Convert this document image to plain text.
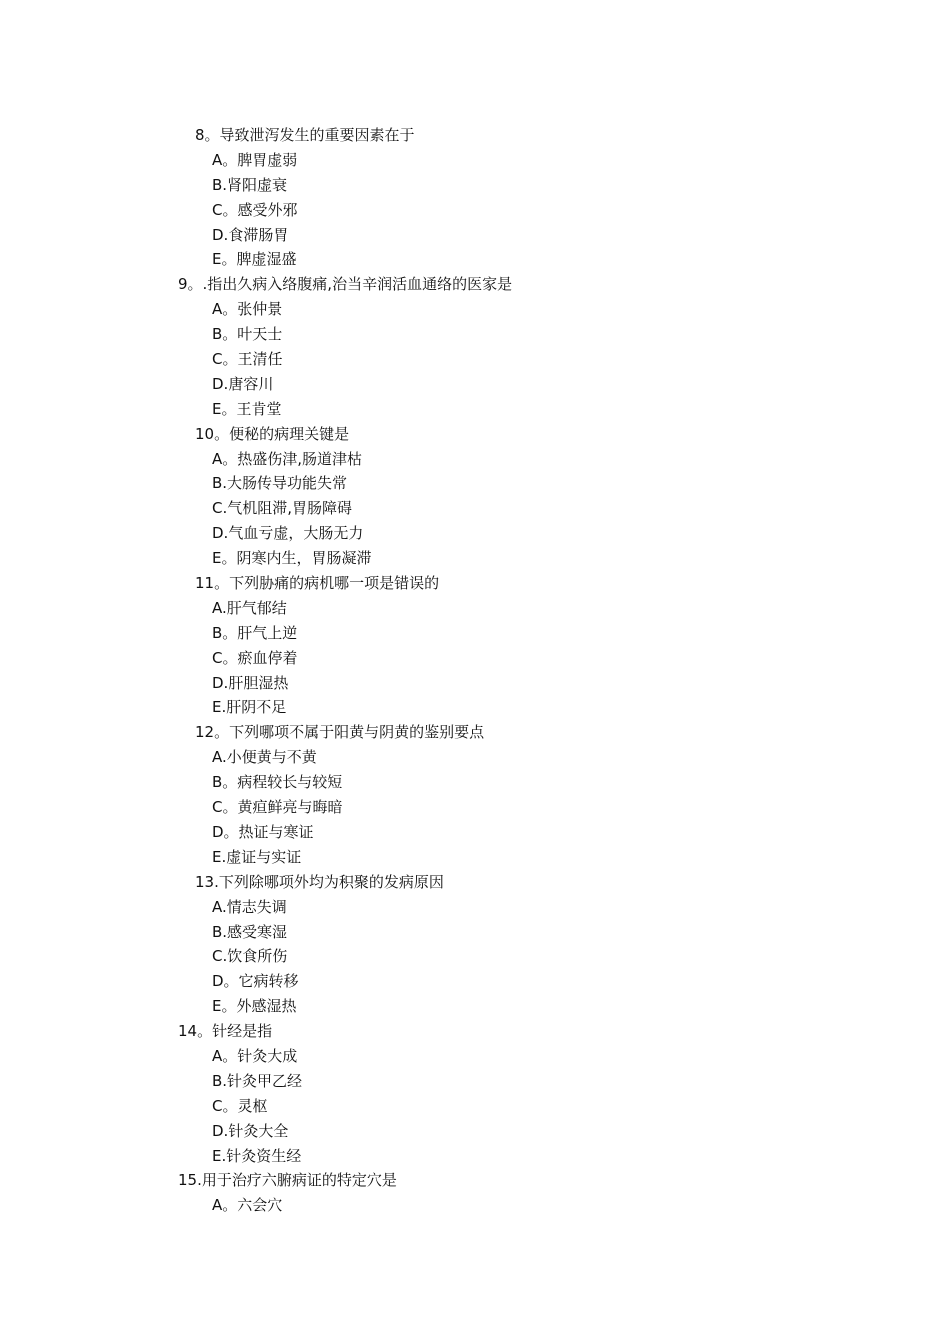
8。导致泄泻发生的重要因素在于
A。脾胃虚弱
B.肾阳虚衰
C。感受外邪
D.食滞肠胃
E。脾虚湿盛
9。.指出久病入络腹痛,治当辛润活血通络的医家是
A。张仲景
B。叶天士
C。王清任
D.唐容川
E。王肯堂
10。便秘的病理关键是
A。热盛伤津,肠道津枯
B.大肠传导功能失常
C.气机阻滞,胃肠障碍
D.气血亏虚，大肠无力
E。阴寒内生，胃肠凝滞
11。下列胁痛的病机哪一项是错误的
A.肝气郁结
B。肝气上逆
C。瘀血停着
D.肝胆湿热
E.肝阴不足
12。下列哪项不属于阳黄与阴黄的鉴别要点
A.小便黄与不黄
B。病程较长与较短
C。黄疸鲜亮与晦暗
D。热证与寒证
E.虚证与实证
13.下列除哪项外均为积聚的发病原因
A.情志失调
B.感受寒湿
C.饮食所伤
D。它病转移
E。外感湿热
14。针经是指
A。针灸大成
B.针灸甲乙经
C。灵枢
D.针灸大全
E.针灸资生经
15.用于治疗六腑病证的特定穴是
A。六会穴
